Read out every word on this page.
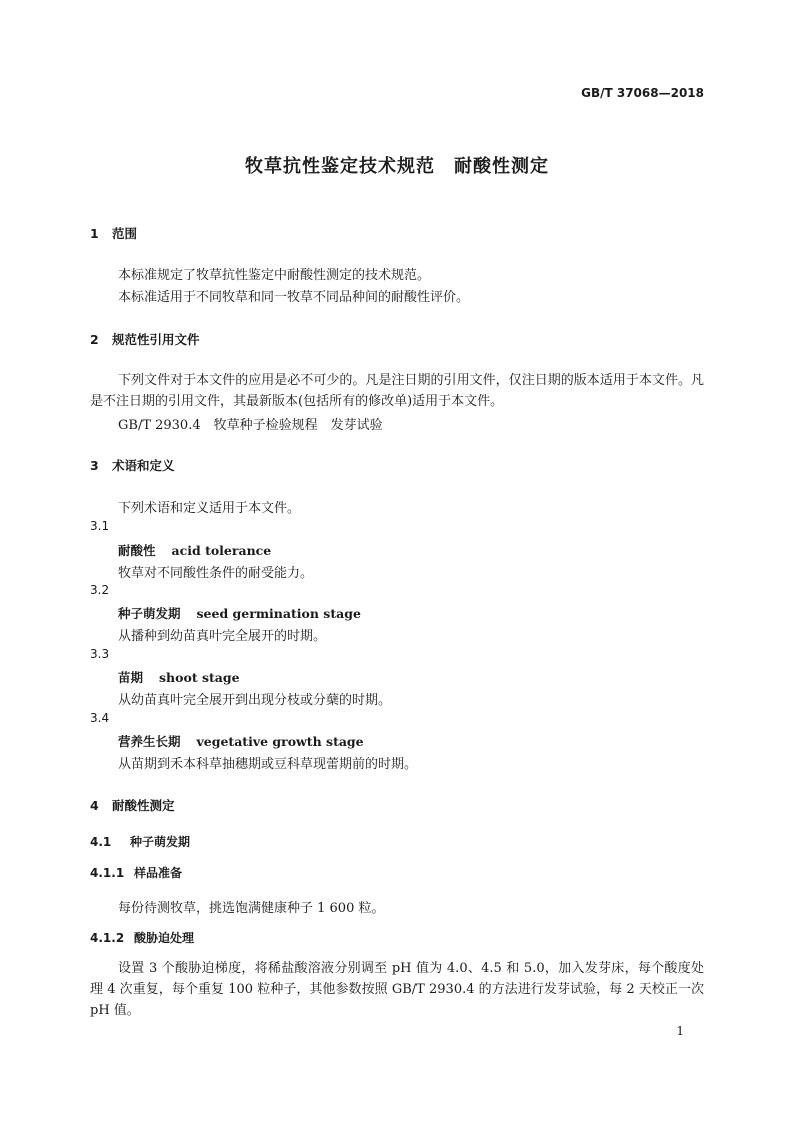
GB/T 37068—2018
牧草抗性鉴定技术规范　耐酸性测定
1 范围
本标准规定了牧草抗性鉴定中耐酸性测定的技术规范。
本标准适用于不同牧草和同一牧草不同品种间的耐酸性评价。
2 规范性引用文件
下列文件对于本文件的应用是必不可少的。凡是注日期的引用文件，仅注日期的版本适用于本文件。凡是不注日期的引用文件，其最新版本(包括所有的修改单)适用于本文件。
GB/T 2930.4　牧草种子检验规程　发芽试验
3 术语和定义
下列术语和定义适用于本文件。
3.1
耐酸性 acid tolerance
牧草对不同酸性条件的耐受能力。
3.2
种子萌发期 seed germination stage
从播种到幼苗真叶完全展开的时期。
3.3
苗期 shoot stage
从幼苗真叶完全展开到出现分枝或分蘖的时期。
3.4
营养生长期 vegetative growth stage
从苗期到禾本科草抽穗期或豆科草现蕾期前的时期。
4 耐酸性测定
4.1 种子萌发期
4.1.1 样品准备
每份待测牧草，挑选饱满健康种子 1 600 粒。
4.1.2 酸胁迫处理
设置 3 个酸胁迫梯度，将稀盐酸溶液分别调至 pH 值为 4.0、4.5 和 5.0，加入发芽床，每个酸度处理 4 次重复，每个重复 100 粒种子，其他参数按照 GB/T 2930.4 的方法进行发芽试验，每 2 天校正一次 pH 值。
1
